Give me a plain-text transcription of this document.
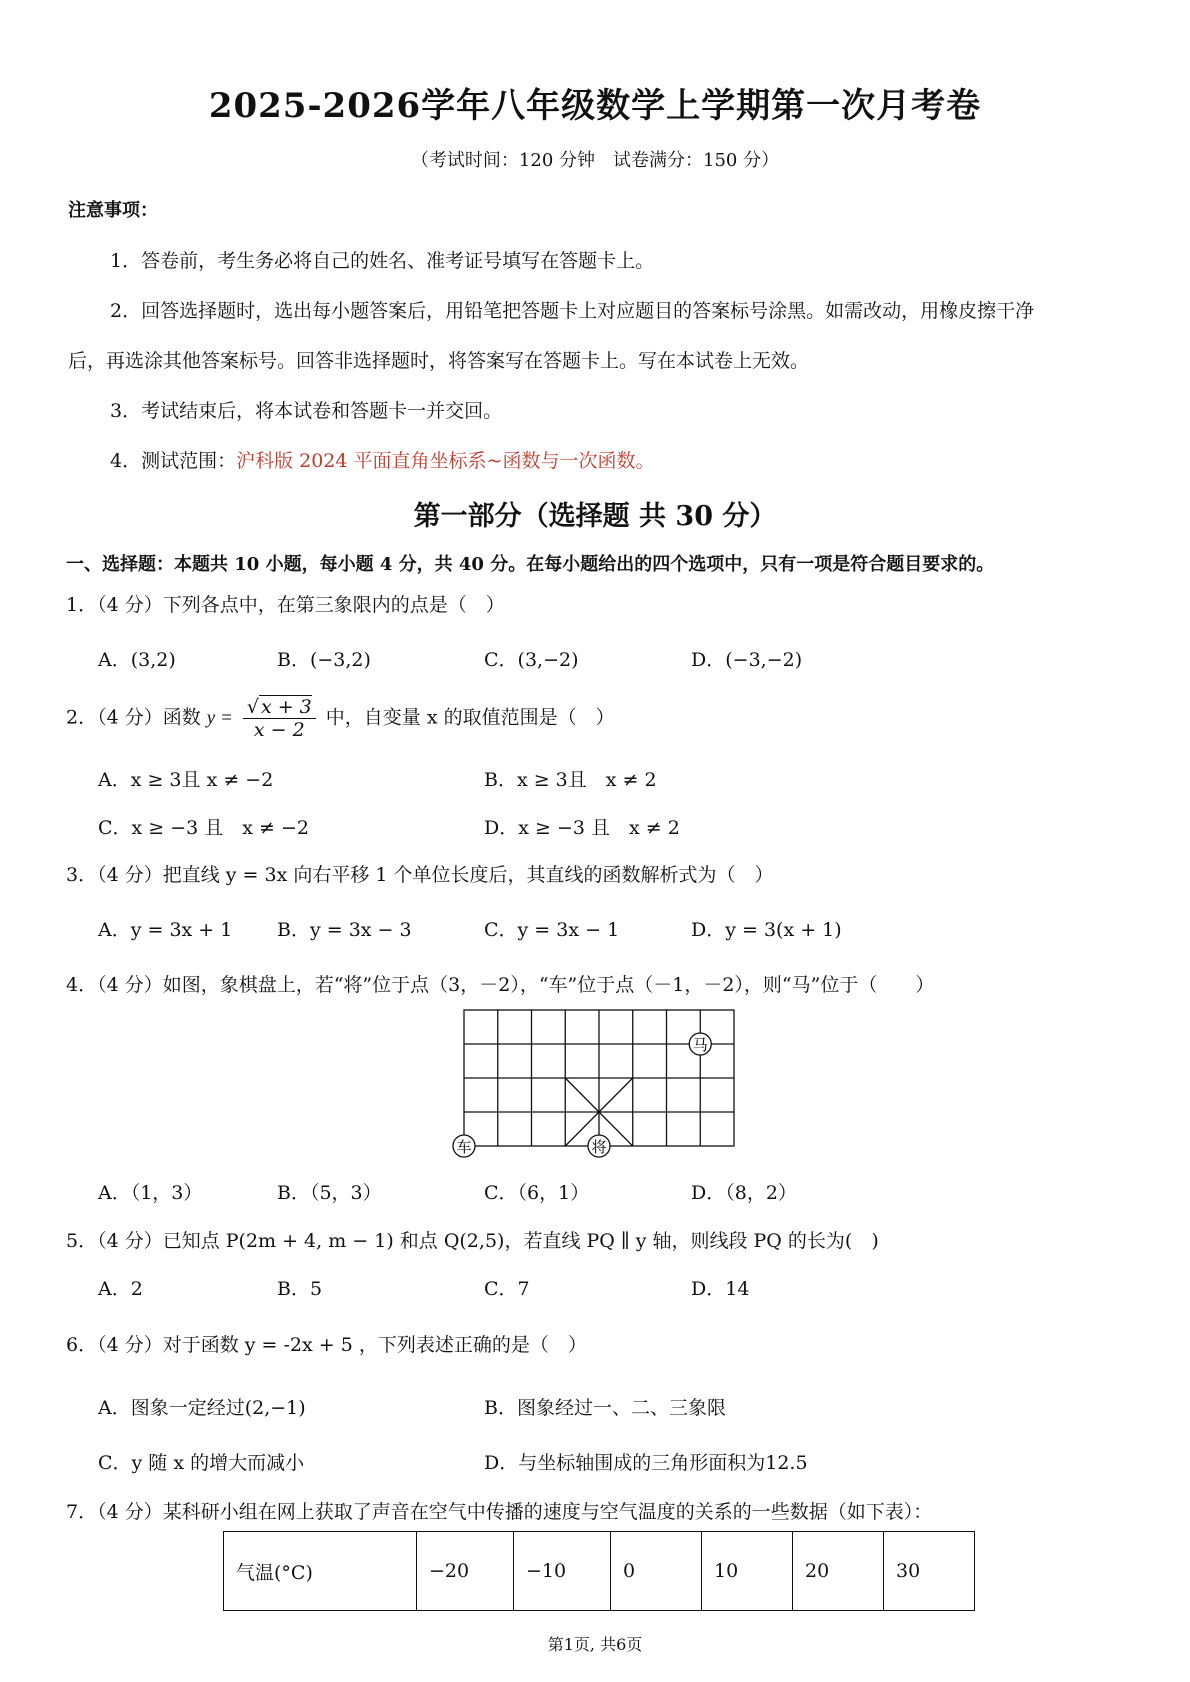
2025-2026学年八年级数学上学期第一次月考卷
（考试时间：120 分钟　试卷满分：150 分）
注意事项：
1．答卷前，考生务必将自己的姓名、准考证号填写在答题卡上。
2．回答选择题时，选出每小题答案后，用铅笔把答题卡上对应题目的答案标号涂黑。如需改动，用橡皮擦干净
后，再选涂其他答案标号。回答非选择题时，将答案写在答题卡上。写在本试卷上无效。
3．考试结束后，将本试卷和答题卡一并交回。
4．测试范围：沪科版 2024 平面直角坐标系~函数与一次函数。
第一部分（选择题 共 30 分）
一、选择题：本题共 10 小题，每小题 4 分，共 40 分。在每小题给出的四个选项中，只有一项是符合题目要求的。
1．（4 分）下列各点中，在第三象限内的点是（　）
A．(3,2)	B．(−3,2)	C．(3,−2)	D．(−3,−2)
2．（4 分）函数 $y = \frac{√ x + 3}{x - 2}$ 中，自变量 x 的取值范围是（　）
A．x ≥ 3且 x ≠ −2	B．x ≥ 3且　x ≠ 2
C．x ≥ −3 且　x ≠ −2	D．x ≥ −3 且　x ≠ 2
3．（4 分）把直线 y = 3x 向右平移 1 个单位长度后，其直线的函数解析式为（　）
A．y = 3x + 1 B．y = 3x − 3	C．y = 3x − 1	D．y = 3(x + 1)
4．（4 分）如图，象棋盘上，若“将”位于点（3，－2），“车”位于点（－1，－2），则“马”位于（　　）
马
车	将
A．（1，3）	B．（5，3）	C．（6，1）	D．（8，2）
5．（4 分）已知点 P(2m + 4, m − 1) 和点 Q(2,5)，若直线 PQ ∥ y 轴，则线段 PQ 的长为(　)
A．2	B．5	C．7	D．14
6．（4 分）对于函数 y = -2x + 5 ，下列表述正确的是（　）
A．图象一定经过(2,−1)	B．图象经过一、二、三象限
C．y 随 x 的增大而减小	D．与坐标轴围成的三角形面积为12.5
7．（4 分）某科研小组在网上获取了声音在空气中传播的速度与空气温度的关系的一些数据（如下表）：
气温(°C)	−20	−10	0	10	20	30
第1页, 共6页
